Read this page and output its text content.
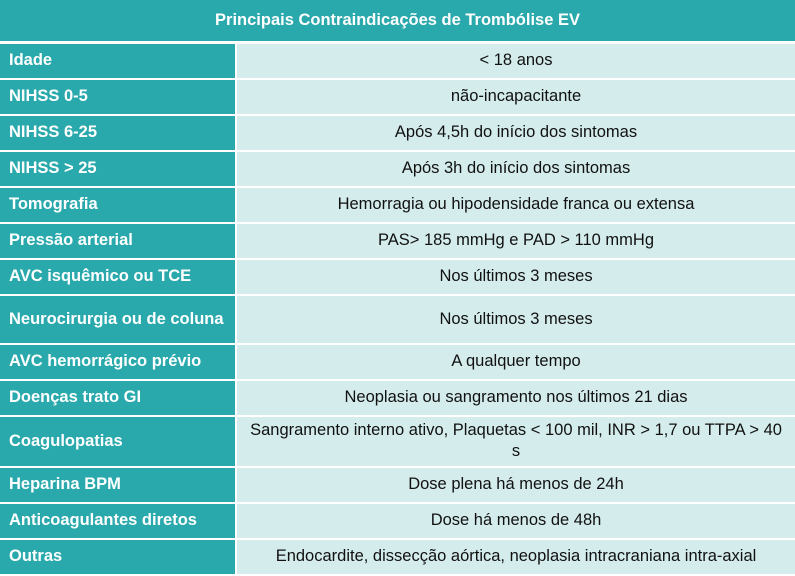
Principais Contraindicações de Trombólise EV	
Idade	< 18 anos
NIHSS 0-5	não-incapacitante
NIHSS 6-25	Após 4,5h do início dos sintomas
NIHSS > 25	Após 3h do início dos sintomas
Tomografia	Hemorragia ou hipodensidade franca ou extensa
Pressão arterial	PAS> 185 mmHg e PAD > 110 mmHg
AVC isquêmico ou TCE	Nos últimos 3 meses
Neurocirurgia ou de coluna	Nos últimos 3 meses
AVC hemorrágico prévio	A qualquer tempo
Doenças trato GI	Neoplasia ou sangramento nos últimos 21 dias
Coagulopatias	Sangramento interno ativo, Plaquetas < 100 mil, INR > 1,7 ou TTPA > 40 s
Heparina BPM	Dose plena há menos de 24h
Anticoagulantes diretos	Dose há menos de 48h
Outras	Endocardite, dissecção aórtica, neoplasia intracraniana intra-axial
